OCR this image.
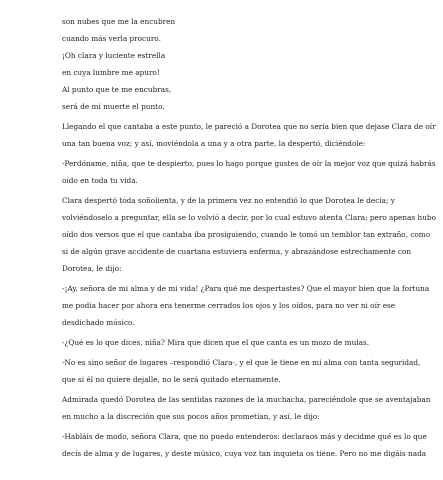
son nubes que me la encubren
cuando más verla procuro.
¡Oh clara y luciente estrella
en cuya lumbre me apuro!
Al punto que te me encubras,
será de mi muerte el punto.
Llegando el que cantaba a este punto, le pareció a Dorotea que no sería bien que dejase Clara de oír
una tan buena voz; y así, moviéndola a una y a otra parte, la despertó, diciéndole:
-Perdóname, niña, que te despierto, pues lo hago porque gustes de oír la mejor voz que quizá habrás
oído en toda tu vida.
Clara despertó toda soñolienta, y de la primera vez no entendió lo que Dorotea le decía; y
volviéndoselo a preguntar, ella se lo volvió a decir, por lo cual estuvo atenta Clara; pero apenas hubo
oído dos versos que el que cantaba iba prosiguiendo, cuando le tomó un temblor tan extraño, como
si de algún grave accidente de cuartana estuviera enferma, y abrazándose estrechamente con
Dorotea, le dijo:
-¡Ay, señora de mi alma y de mi vida! ¿Para qué me despertastes? Que el mayor bien que la fortuna
me podía hacer por ahora era tenerme cerrados los ojos y los oídos, para no ver ni oír ese
desdichado músico.
-¿Qué es lo que dices, niña? Mira que dicen que el que canta es un mozo de mulas.
-No es sino señor de lugares –respondió Clara-, y el que le tiene en mi alma con tanta seguridad,
que si él no quiere dejalle, no le será quitado eternamente.
Admirada quedó Dorotea de las sentidas razones de la muchacha, pareciéndole que se aventajaban
en mucho a la discreción que sus pocos años prometían, y así, le dijo:
-Habláis de modo, señora Clara, que no puedo entenderos: declaraos más y decidme qué es lo que
decís de alma y de lugares, y deste músico, cuya voz tan inquieta os tiene. Pero no me digáis nada
